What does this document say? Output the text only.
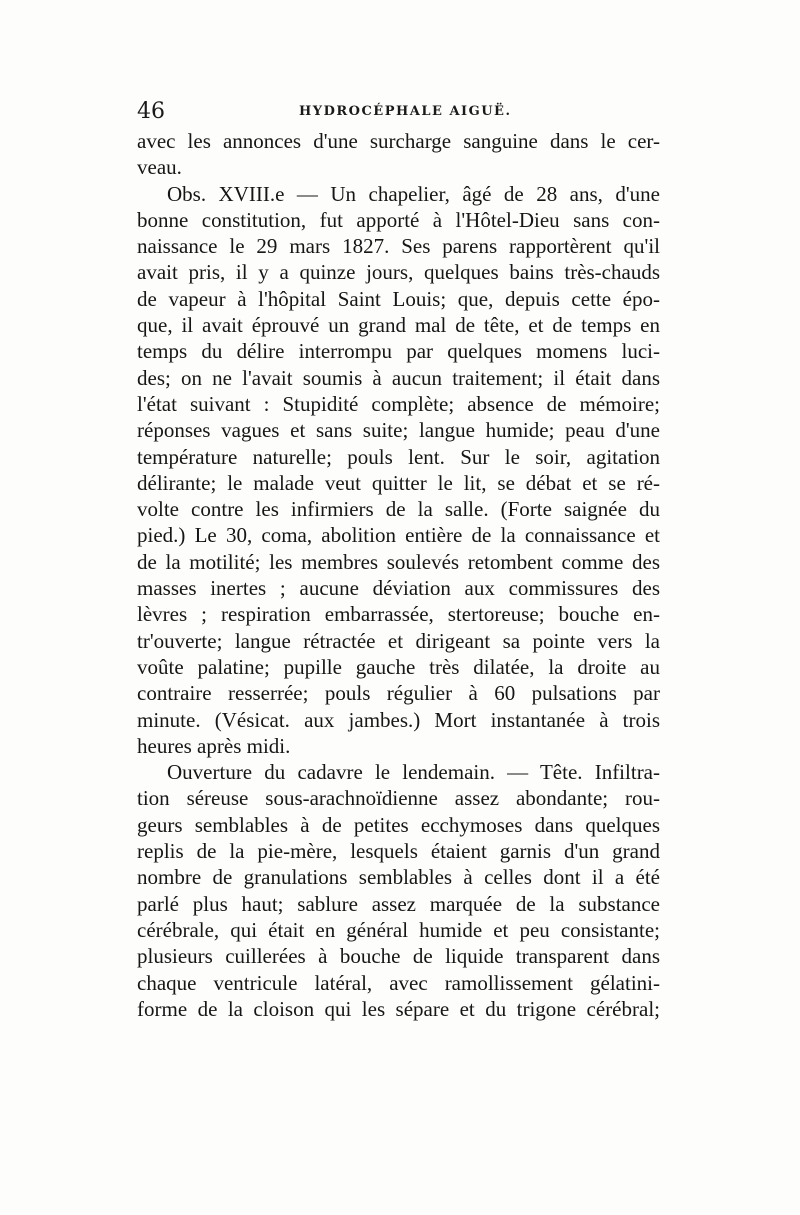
46	HYDROCÉPHALE AIGUË.
avec les annonces d'une surcharge sanguine dans le cer-
veau.
Obs. XVIII.e — Un chapelier, âgé de 28 ans, d'une
bonne constitution, fut apporté à l'Hôtel-Dieu sans con-
naissance le 29 mars 1827. Ses parens rapportèrent qu'il
avait pris, il y a quinze jours, quelques bains très-chauds
de vapeur à l'hôpital Saint Louis; que, depuis cette épo-
que, il avait éprouvé un grand mal de tête, et de temps en
temps du délire interrompu par quelques momens luci-
des; on ne l'avait soumis à aucun traitement; il était dans
l'état suivant : Stupidité complète; absence de mémoire;
réponses vagues et sans suite; langue humide; peau d'une
température naturelle; pouls lent. Sur le soir, agitation
délirante; le malade veut quitter le lit, se débat et se ré-
volte contre les infirmiers de la salle. (Forte saignée du
pied.) Le 30, coma, abolition entière de la connaissance et
de la motilité; les membres soulevés retombent comme des
masses inertes ; aucune déviation aux commissures des
lèvres ; respiration embarrassée, stertoreuse; bouche en-
tr'ouverte; langue rétractée et dirigeant sa pointe vers la
voûte palatine; pupille gauche très dilatée, la droite au
contraire resserrée; pouls régulier à 60 pulsations par
minute. (Vésicat. aux jambes.) Mort instantanée à trois
heures après midi.
Ouverture du cadavre le lendemain. — Tête. Infiltra-
tion séreuse sous-arachnoïdienne assez abondante; rou-
geurs semblables à de petites ecchymoses dans quelques
replis de la pie-mère, lesquels étaient garnis d'un grand
nombre de granulations semblables à celles dont il a été
parlé plus haut; sablure assez marquée de la substance
cérébrale, qui était en général humide et peu consistante;
plusieurs cuillerées à bouche de liquide transparent dans
chaque ventricule latéral, avec ramollissement gélatini-
forme de la cloison qui les sépare et du trigone cérébral;
